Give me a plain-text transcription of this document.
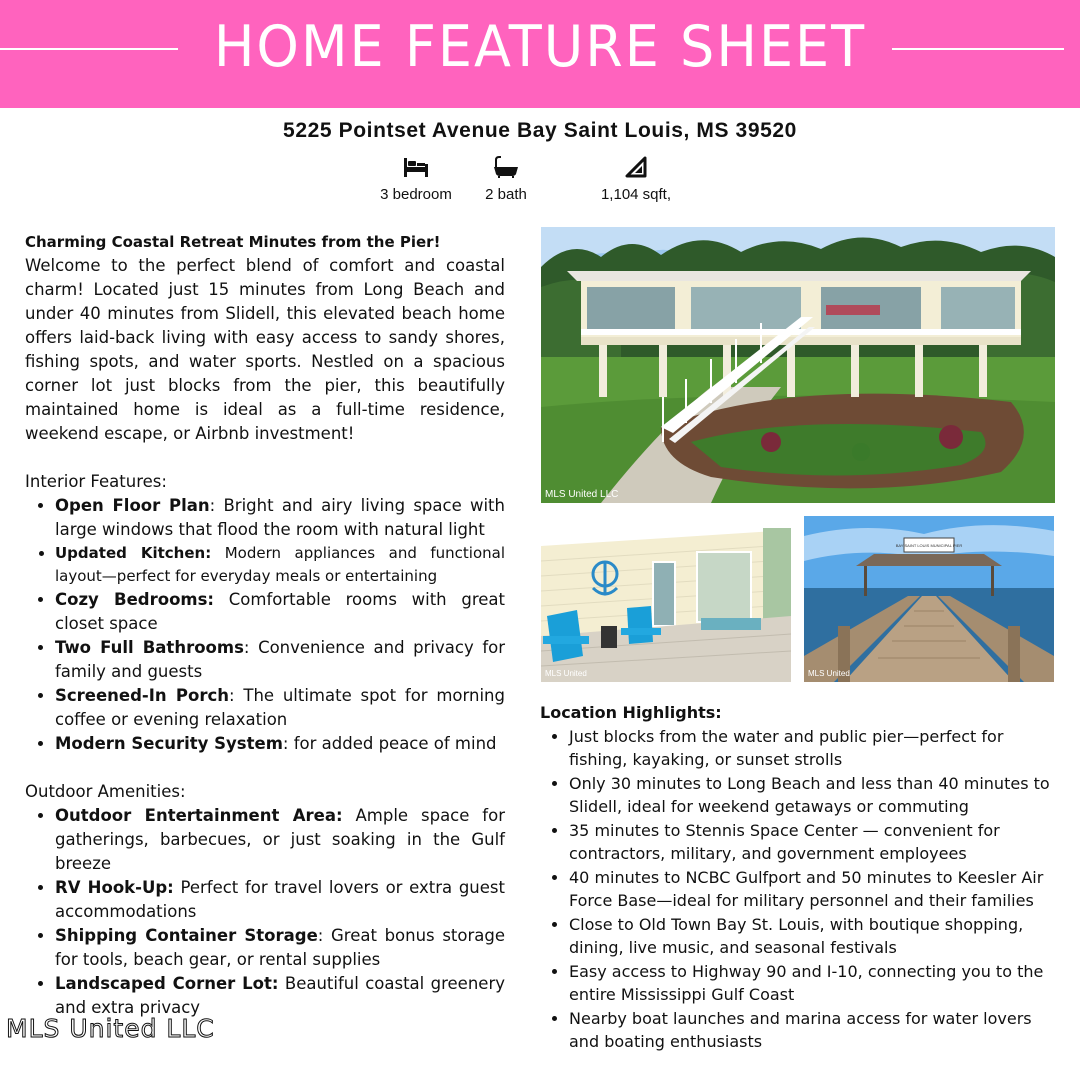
HOME FEATURE SHEET
5225 Pointset Avenue Bay Saint Louis, MS 39520
3 bedroom	2 bath	1,104 sqft,

Charming Coastal Retreat Minutes from the Pier!

Welcome to the perfect blend of comfort and coastal charm! Located just 15 minutes from Long Beach and under 40 minutes from Slidell, this elevated beach home offers laid-back living with easy access to sandy shores, fishing spots, and water sports. Nestled on a spacious corner lot just blocks from the pier, this beautifully maintained home is ideal as a full-time residence, weekend escape, or Airbnb investment!

Interior Features:

• Open Floor Plan: Bright and airy living space with large windows that flood the room with natural light
• Updated Kitchen: Modern appliances and functional layout—perfect for everyday meals or entertaining
• Cozy Bedrooms: Comfortable rooms with great closet space
• Two Full Bathrooms: Convenience and privacy for family and guests
• Screened-In Porch: The ultimate spot for morning coffee or evening relaxation
• Modern Security System: for added peace of mind

Outdoor Amenities:

• Outdoor Entertainment Area: Ample space for gatherings, barbecues, or just soaking in the Gulf breeze
• RV Hook-Up: Perfect for travel lovers or extra guest accommodations
• Shipping Container Storage: Great bonus storage for tools, beach gear, or rental supplies
• Landscaped Corner Lot: Beautiful coastal greenery and extra privacy
MLS United LLC
MLS United
BAY SAINT LOUIS MUNICIPAL PIER
MLS United
Location Highlights:
• Just blocks from the water and public pier—perfect for fishing, kayaking, or sunset strolls
• Only 30 minutes to Long Beach and less than 40 minutes to Slidell, ideal for weekend getaways or commuting
• 35 minutes to Stennis Space Center — convenient for contractors, military, and government employees
• 40 minutes to NCBC Gulfport and 50 minutes to Keesler Air Force Base—ideal for military personnel and their families
• Close to Old Town Bay St. Louis, with boutique shopping, dining, live music, and seasonal festivals
• Easy access to Highway 90 and I-10, connecting you to the entire Mississippi Gulf Coast
• Nearby boat launches and marina access for water lovers and boating enthusiasts
MLS United LLC
